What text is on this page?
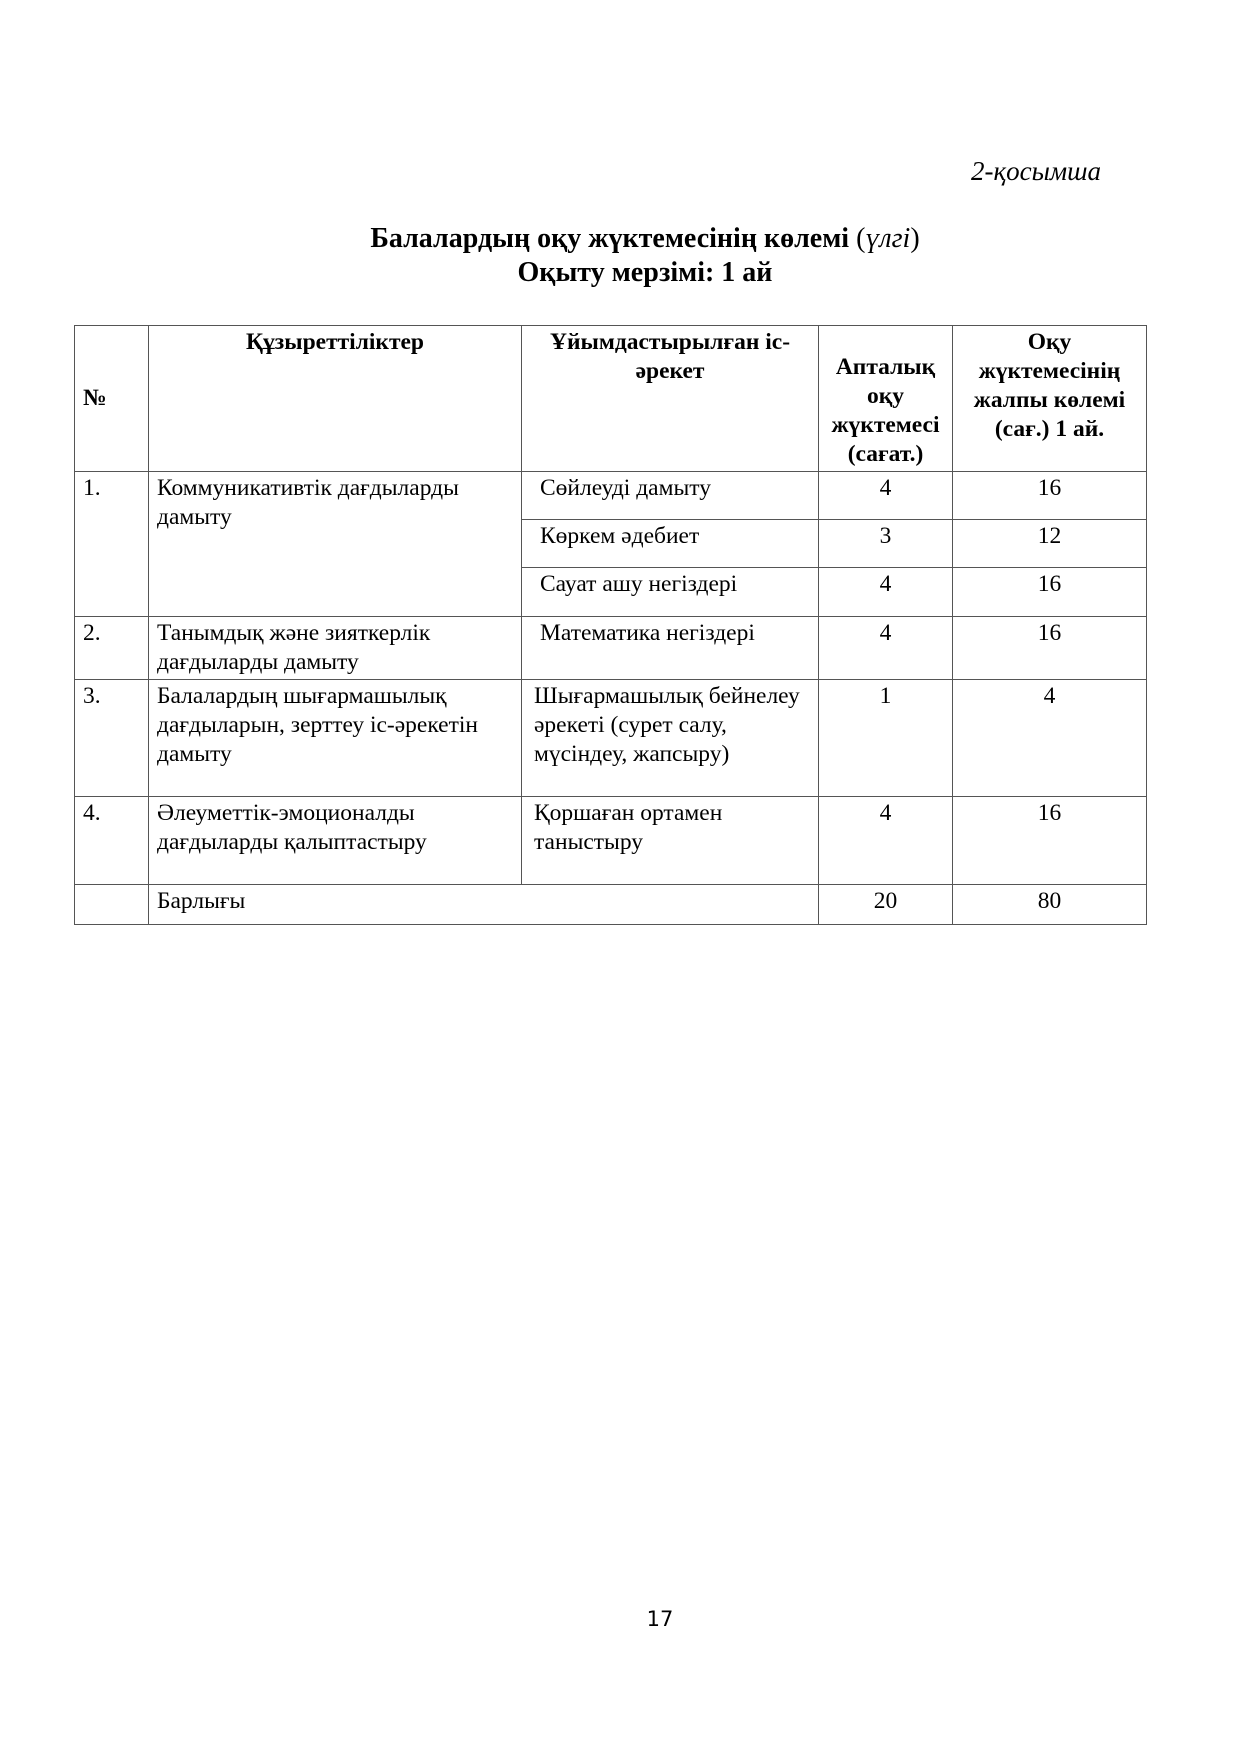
2-қосымша
Балалардың оқу жүктемесінің көлемі (үлгі)
Оқыту мерзімі: 1 ай
№	Құзыреттіліктер	Ұйымдастырылған іс-әрекет	Апталық оқу жүктемесі (сағат.)	Оқу жүктемесінің жалпы көлемі (сағ.) 1 ай.
1.	Коммуникативтік дағдыларды дамыту	Сөйлеуді дамыту	4	16
		Көркем әдебиет	3	12
		Сауат ашу негіздері	4	16
2.	Танымдық және зияткерлік дағдыларды дамыту	Математика негіздері	4	16
3.	Балалардың шығармашылық дағдыларын, зерттеу іс-әрекетін дамыту	Шығармашылық бейнелеу әрекеті (сурет салу, мүсіндеу, жапсыру)	1	4
4.	Әлеуметтік-эмоционалды дағдыларды қалыптастыру	Қоршаған ортамен таныстыру	4	16
	Барлығы		20	80
17
